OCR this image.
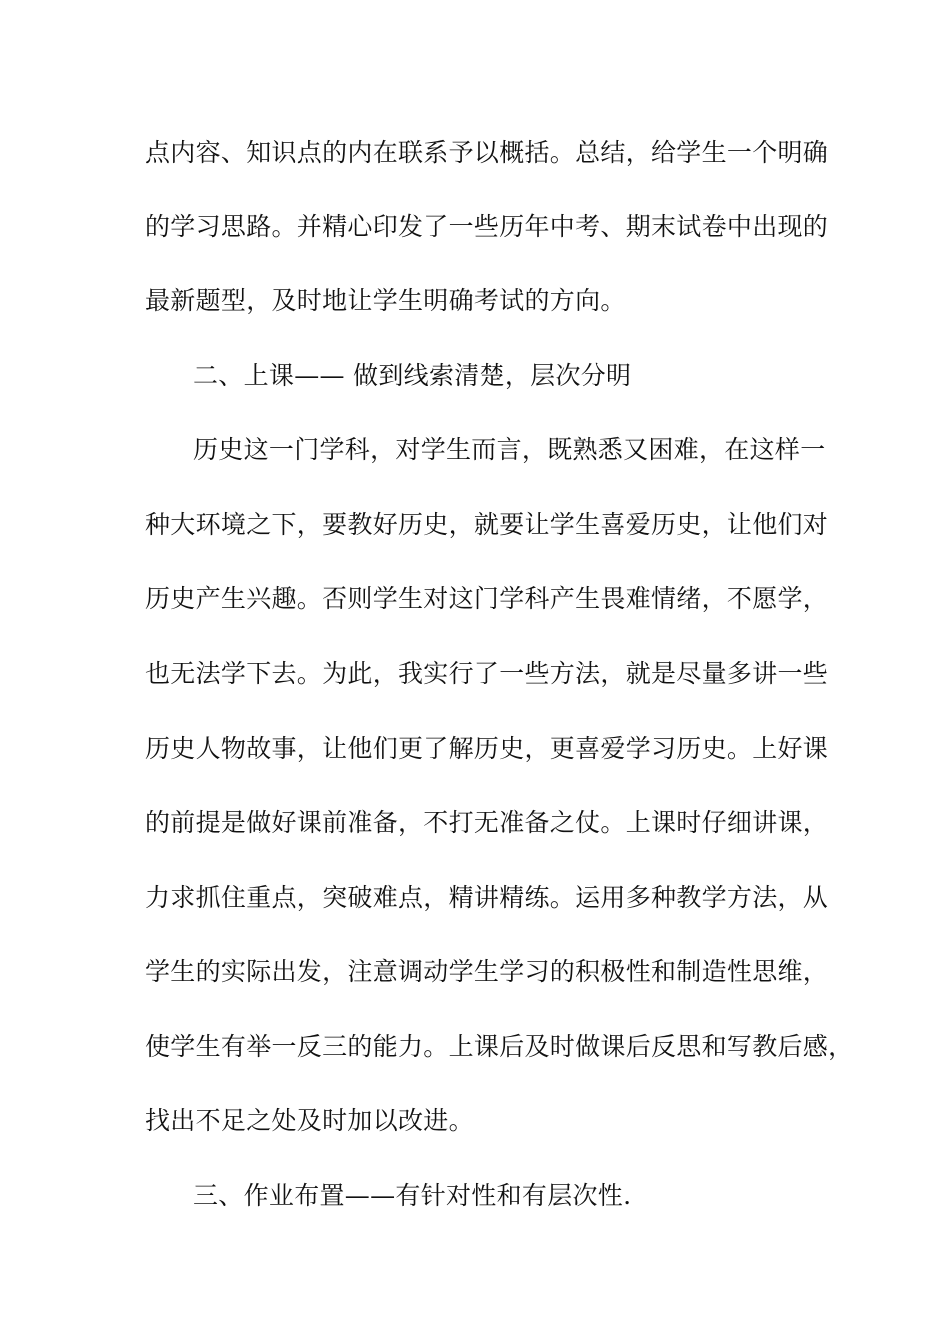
点内容、知识点的内在联系予以概括。总结，给学生一个明确
的学习思路。并精心印发了一些历年中考、期末试卷中出现的
最新题型，及时地让学生明确考试的方向。
二、上课—— 做到线索清楚，层次分明
历史这一门学科，对学生而言，既熟悉又困难，在这样一
种大环境之下，要教好历史，就要让学生喜爱历史，让他们对
历史产生兴趣。否则学生对这门学科产生畏难情绪，不愿学，
也无法学下去。为此，我实行了一些方法，就是尽量多讲一些
历史人物故事，让他们更了解历史，更喜爱学习历史。上好课
的前提是做好课前准备，不打无准备之仗。上课时仔细讲课，
力求抓住重点，突破难点，精讲精练。运用多种教学方法，从
学生的实际出发，注意调动学生学习的积极性和制造性思维，
使学生有举一反三的能力。上课后及时做课后反思和写教后感，
找出不足之处及时加以改进。
三、作业布置——有针对性和有层次性.
